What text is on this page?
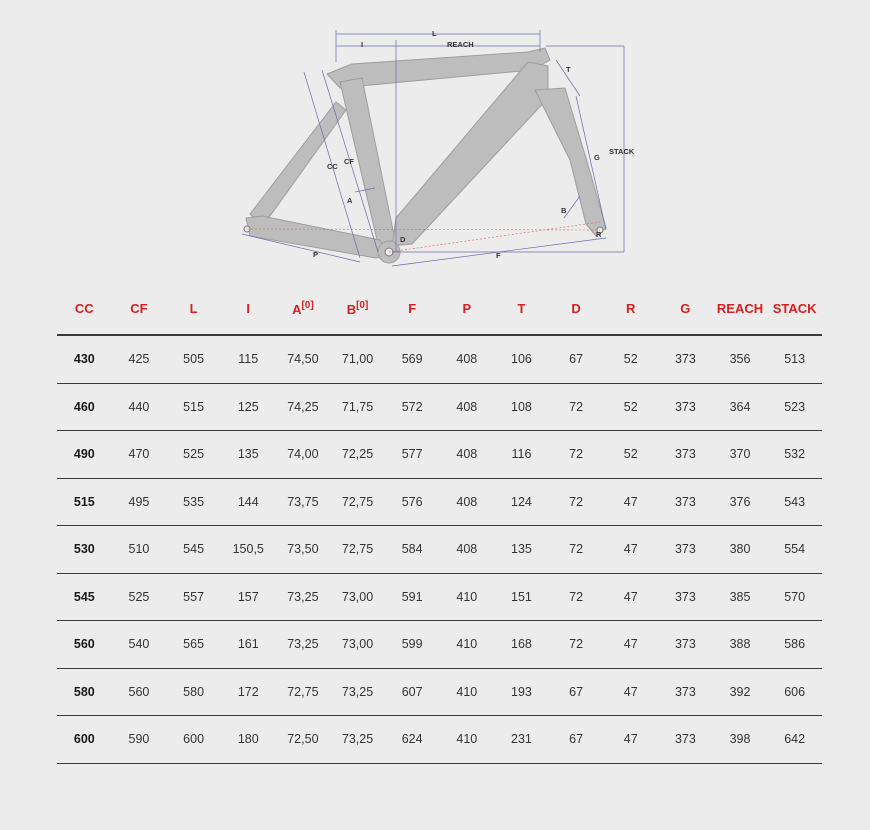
L
I	REACH
T
STACK
G
CC
CF
A
B
D
R
P	F
CC	CF	L	I	A[0]	B[0]	F	P	T	D	R	G	REACH	STACK
430	425	505	115	74,50	71,00	569	408	106	67	52	373	356	513
460	440	515	125	74,25	71,75	572	408	108	72	52	373	364	523
490	470	525	135	74,00	72,25	577	408	116	72	52	373	370	532
515	495	535	144	73,75	72,75	576	408	124	72	47	373	376	543
530	510	545	150,5	73,50	72,75	584	408	135	72	47	373	380	554
545	525	557	157	73,25	73,00	591	410	151	72	47	373	385	570
560	540	565	161	73,25	73,00	599	410	168	72	47	373	388	586
580	560	580	172	72,75	73,25	607	410	193	67	47	373	392	606
600	590	600	180	72,50	73,25	624	410	231	67	47	373	398	642
